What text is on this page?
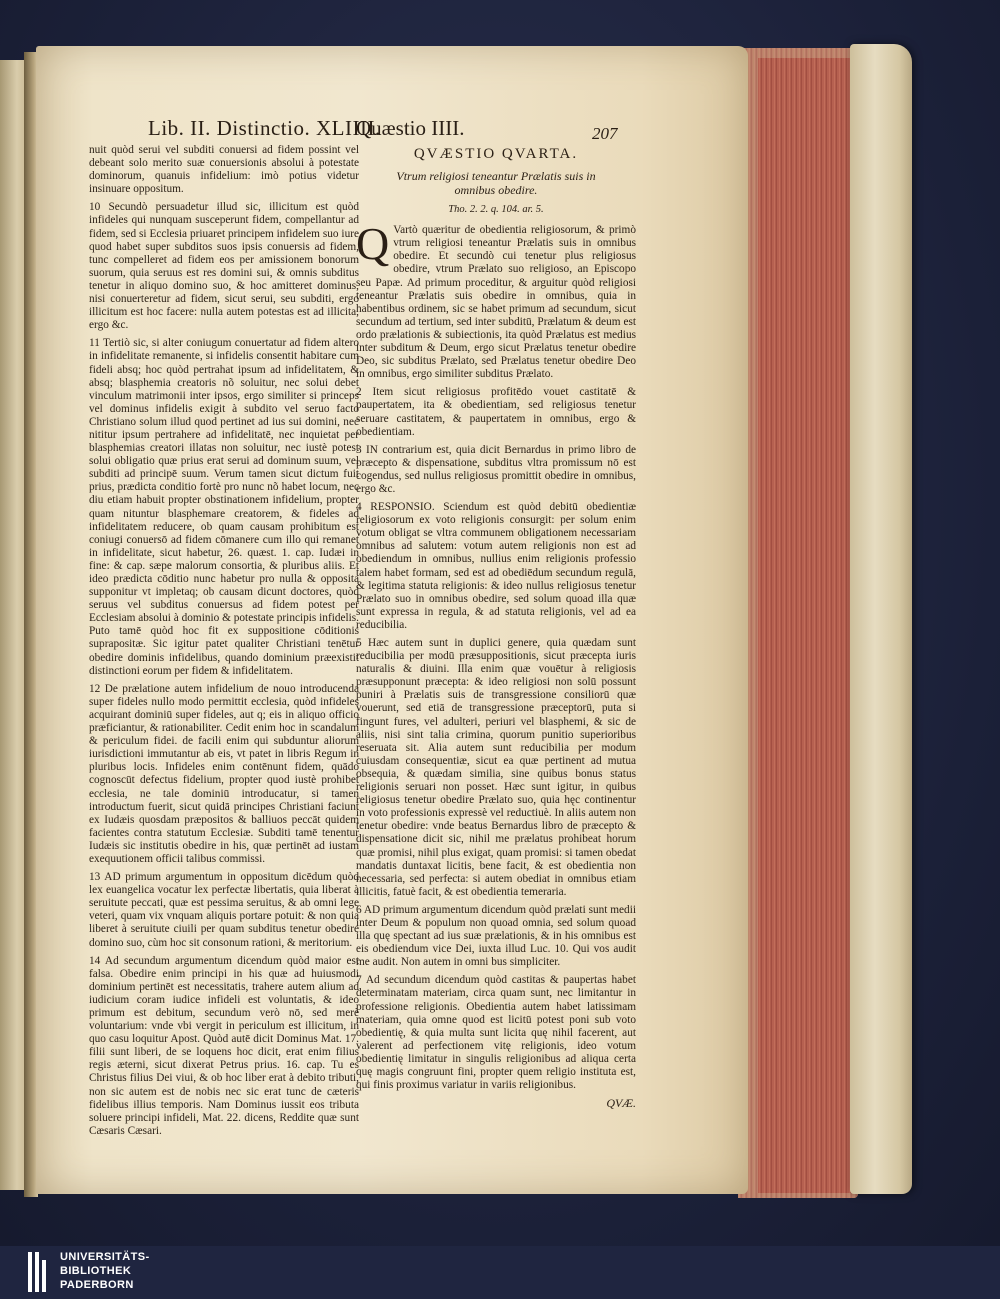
Lib. II. Distinctio. XLIIII.
Quæstio IIII.	207

nuit quòd serui vel subditi conuersi ad fidem possint vel debeant solo merito suæ conuersionis absolui à potestate dominorum, quanuis infidelium: imò potius videtur insinuare oppositum.

10 Secundò persuadetur illud sic, illicitum est quòd infideles qui nunquam susceperunt fidem, compellantur ad fidem, sed si Ecclesia priuaret principem infidelem suo iure quod habet super subditos suos ipsis conuersis ad fidem, tunc compelleret ad fidem eos per amissionem bonorum suorum, quia seruus est res domini sui, & omnis subditus tenetur in aliquo domino suo, & hoc amitteret dominus, nisi conuerteretur ad fidem, sicut serui, seu subditi, ergo illicitum est hoc facere: nulla autem potestas est ad illicita, ergo &c.

11 Tertiò sic, si alter coniugum conuertatur ad fidem altero in infidelitate remanente, si infidelis consentit habitare cum fideli absq; hoc quòd pertrahat ipsum ad infidelitatem, & absq; blasphemia creatoris nõ soluitur, nec solui debet vinculum matrimonii inter ipsos, ergo similiter si princeps vel dominus infidelis exigit à subdito vel seruo facto Christiano solum illud quod pertinet ad ius sui domini, nec nititur ipsum pertrahere ad infidelitatē, nec inquietat per blasphemias creatori illatas non soluitur, nec iustè potest solui obligatio quæ prius erat serui ad dominum suum, vel subditi ad principē suum. Verum tamen sicut dictum fuit prius, prædicta conditio fortè pro nunc nõ habet locum, nec diu etiam habuit propter obstinationem infidelium, propter quam nituntur blasphemare creatorem, & fideles ad infidelitatem reducere, ob quam causam prohibitum est coniugi conuersō ad fidem cōmanere cum illo qui remanet in infidelitate, sicut habetur, 26. quæst. 1. cap. Iudæi in fine: & cap. sæpe malorum consortia, & pluribus aliis. Et ideo prædicta cōditio nunc habetur pro nulla & opposita supponitur vt impletaq; ob causam dicunt doctores, quòd seruus vel subditus conuersus ad fidem potest per Ecclesiam absolui à dominio & potestate principis infidelis. Puto tamē quòd hoc fit ex suppositione cōditionis suprapositæ. Sic igitur patet qualiter Christiani tenētur obedire dominis infidelibus, quando dominium præexistit distinctioni eorum per fidem & infidelitatem.

12 De prælatione autem infidelium de nouo introducenda super fideles nullo modo permittit ecclesia, quòd infideles acquirant dominiū super fideles, aut q; eis in aliquo officio præficiantur, & rationabiliter. Cedit enim hoc in scandalum & periculum fidei. de facili enim qui subduntur aliorum iurisdictioni immutantur ab eis, vt patet in libris Regum in pluribus locis. Infideles enim contēnunt fidem, quādo cognoscūt defectus fidelium, propter quod iustè prohibet ecclesia, ne tale dominiū introducatur, si tamen introductum fuerit, sicut quidā principes Christiani faciunt ex Iudæis quosdam præpositos & balliuos peccāt quidem facientes contra statutum Ecclesiæ. Subditi tamē tenentur Iudæis sic institutis obedire in his, quæ pertinēt ad iustam exequutionem officii talibus commissi.

13 AD primum argumentum in oppositum dicēdum quòd lex euangelica vocatur lex perfectæ libertatis, quia liberat à seruitute peccati, quæ est pessima seruitus, & ab omni lege veteri, quam vix vnquam aliquis portare potuit: & non quia liberet à seruitute ciuili per quam subditus tenetur obedire domino suo, cùm hoc sit consonum rationi, & meritorium.

14 Ad secundum argumentum dicendum quòd maior est falsa. Obedire enim principi in his quæ ad huiusmodi dominium pertinēt est necessitatis, trahere autem alium ad iudicium coram iudice infideli est voluntatis, & ideo primum est debitum, secundum verò nō, sed merè voluntarium: vnde vbi vergit in periculum est illicitum, in quo casu loquitur Apost. Quòd autē dicit Dominus Mat. 17. filii sunt liberi, de se loquens hoc dicit, erat enim filius regis æterni, sicut dixerat Petrus prius. 16. cap. Tu es Christus filius Dei viui, & ob hoc liber erat à debito tributi, non sic autem est de nobis nec sic erat tunc de cæteris fidelibus illius temporis. Nam Dominus iussit eos tributa soluere principi infideli, Mat. 22. dicens, Reddite quæ sunt Cæsaris Cæsari.

QVÆSTIO QVARTA.
Vtrum religiosi teneantur Prælatis suis in omnibus obedire.
Tho. 2. 2. q. 104. ar. 5.

Q Vartò quæritur de obedientia religiosorum, & primò vtrum religiosi teneantur Prælatis suis in omnibus obedire. Et secundò cui tenetur plus religiosus obedire, vtrum Prælato suo religioso, an Episcopo seu Papæ. Ad primum proceditur, & arguitur quòd religiosi teneantur Prælatis suis obedire in omnibus, quia in habentibus ordinem, sic se habet primum ad secundum, sicut secundum ad tertium, sed inter subditū, Prælatum & deum est ordo prælationis & subiectionis, ita quòd Prælatus est medius inter subditum & Deum, ergo sicut Prælatus tenetur obedire Deo, sic subditus Prælato, sed Prælatus tenetur obedire Deo in omnibus, ergo similiter subditus Prælato.

2 Item sicut religiosus profitēdo vouet castitatē & paupertatem, ita & obedientiam, sed religiosus tenetur seruare castitatem, & paupertatem in omnibus, ergo & obedientiam.

3 IN contrarium est, quia dicit Bernardus in primo libro de præcepto & dispensatione, subditus vltra promissum nō est cogendus, sed nullus religiosus promittit obedire in omnibus, ergo &c.

4 RESPONSIO. Sciendum est quòd debitū obedientiæ religiosorum ex voto religionis consurgit: per solum enim votum obligat se vltra communem obligationem necessariam omnibus ad salutem: votum autem religionis non est ad obediendum in omnibus, nullius enim religionis professio talem habet formam, sed est ad obediēdum secundum regulā, & legitima statuta religionis: & ideo nullus religiosus tenetur Prælato suo in omnibus obedire, sed solum quoad illa quæ sunt expressa in regula, & ad statuta religionis, vel ad ea reducibilia.

5 Hæc autem sunt in duplici genere, quia quædam sunt reducibilia per modū præsuppositionis, sicut præcepta iuris naturalis & diuini. Illa enim quæ vouētur à religiosis præsupponunt præcepta: & ideo religiosi non solū possunt puniri à Prælatis suis de transgressione consiliorū quæ vouerunt, sed etiā de transgressione præceptorū, puta si fingunt fures, vel adulteri, periuri vel blasphemi, & sic de aliis, nisi sint talia crimina, quorum punitio superioribus reseruata sit. Alia autem sunt reducibilia per modum cuiusdam consequentiæ, sicut ea quæ pertinent ad mutua obsequia, & quædam similia, sine quibus bonus status religionis seruari non posset. Hæc sunt igitur, in quibus religiosus tenetur obedire Prælato suo, quia hęc continentur in voto professionis expressè vel reductiuè. In aliis autem non tenetur obedire: vnde beatus Bernardus libro de præcepto & dispensatione dicit sic, nihil me prælatus prohibeat horum quæ promisi, nihil plus exigat, quam promisi: si tamen obedat mandatis duntaxat licitis, bene facit, & est obedientia non necessaria, sed perfecta: si autem obediat in omnibus etiam illicitis, fatuè facit, & est obedientia temeraria.

6 AD primum argumentum dicendum quòd prælati sunt medii inter Deum & populum non quoad omnia, sed solum quoad illa quę spectant ad ius suæ prælationis, & in his omnibus est eis obediendum vice Dei, iuxta illud Luc. 10. Qui vos audit me audit. Non autem in omni bus simpliciter.

7 Ad secundum dicendum quòd castitas & paupertas habet determinatam materiam, circa quam sunt, nec limitantur in professione religionis. Obedientia autem habet latissimam materiam, quia omne quod est licitū potest poni sub voto obedientię, & quia multa sunt licita quę nihil facerent, aut valerent ad perfectionem vitę religionis, ideo votum obedientię limitatur in singulis religionibus ad aliqua certa quę magis congruunt fini, propter quem religio instituta est, qui finis proximus variatur in variis religionibus.

QVÆ.
UNIVERSITÄTS-
BIBLIOTHEK
PADERBORN
